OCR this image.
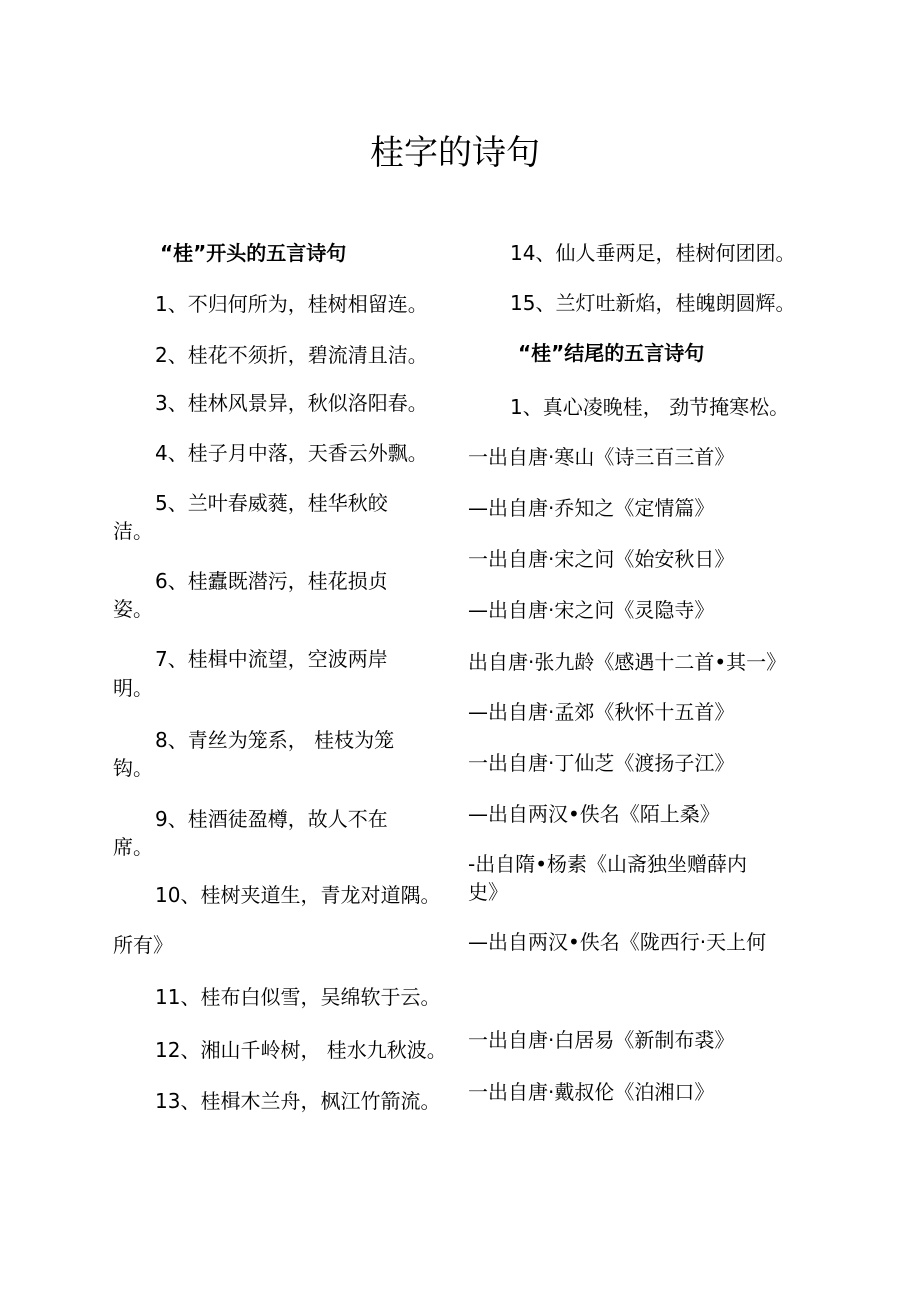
桂字的诗句
“桂”开头的五言诗句
1、不归何所为，桂树相留连。
2、桂花不须折，碧流清且洁。
3、桂林风景异，秋似洛阳春。
4、桂子月中落，天香云外飘。
5、兰叶春威蕤，桂华秋皎
洁。
6、桂蠹既潜污，桂花损贞
姿。
7、桂楫中流望，空波两岸
明。
8、青丝为笼系， 桂枝为笼
钩。
9、桂酒徒盈樽，故人不在
席。
10、桂树夹道生，青龙对道隅。
所有》
11、桂布白似雪，吴绵软于云。
12、湘山千岭树， 桂水九秋波。
13、桂楫木兰舟，枫江竹箭流。
14、仙人垂两足，桂树何团团。
15、兰灯吐新焰，桂魄朗圆辉。
“桂”结尾的五言诗句
1、真心凌晚桂， 劲节掩寒松。
一出自唐·寒山《诗三百三首》
—出自唐·乔知之《定情篇》
一出自唐·宋之问《始安秋日》
—出自唐·宋之问《灵隐寺》
出自唐·张九龄《感遇十二首•其一》
—出自唐·孟郊《秋怀十五首》
一出自唐·丁仙芝《渡扬子江》
—出自两汉•佚名《陌上桑》
-出自隋•杨素《山斋独坐赠薛内
史》
—出自两汉•佚名《陇西行·天上何
一出自唐·白居易《新制布裘》
一出自唐·戴叔伦《泊湘口》
